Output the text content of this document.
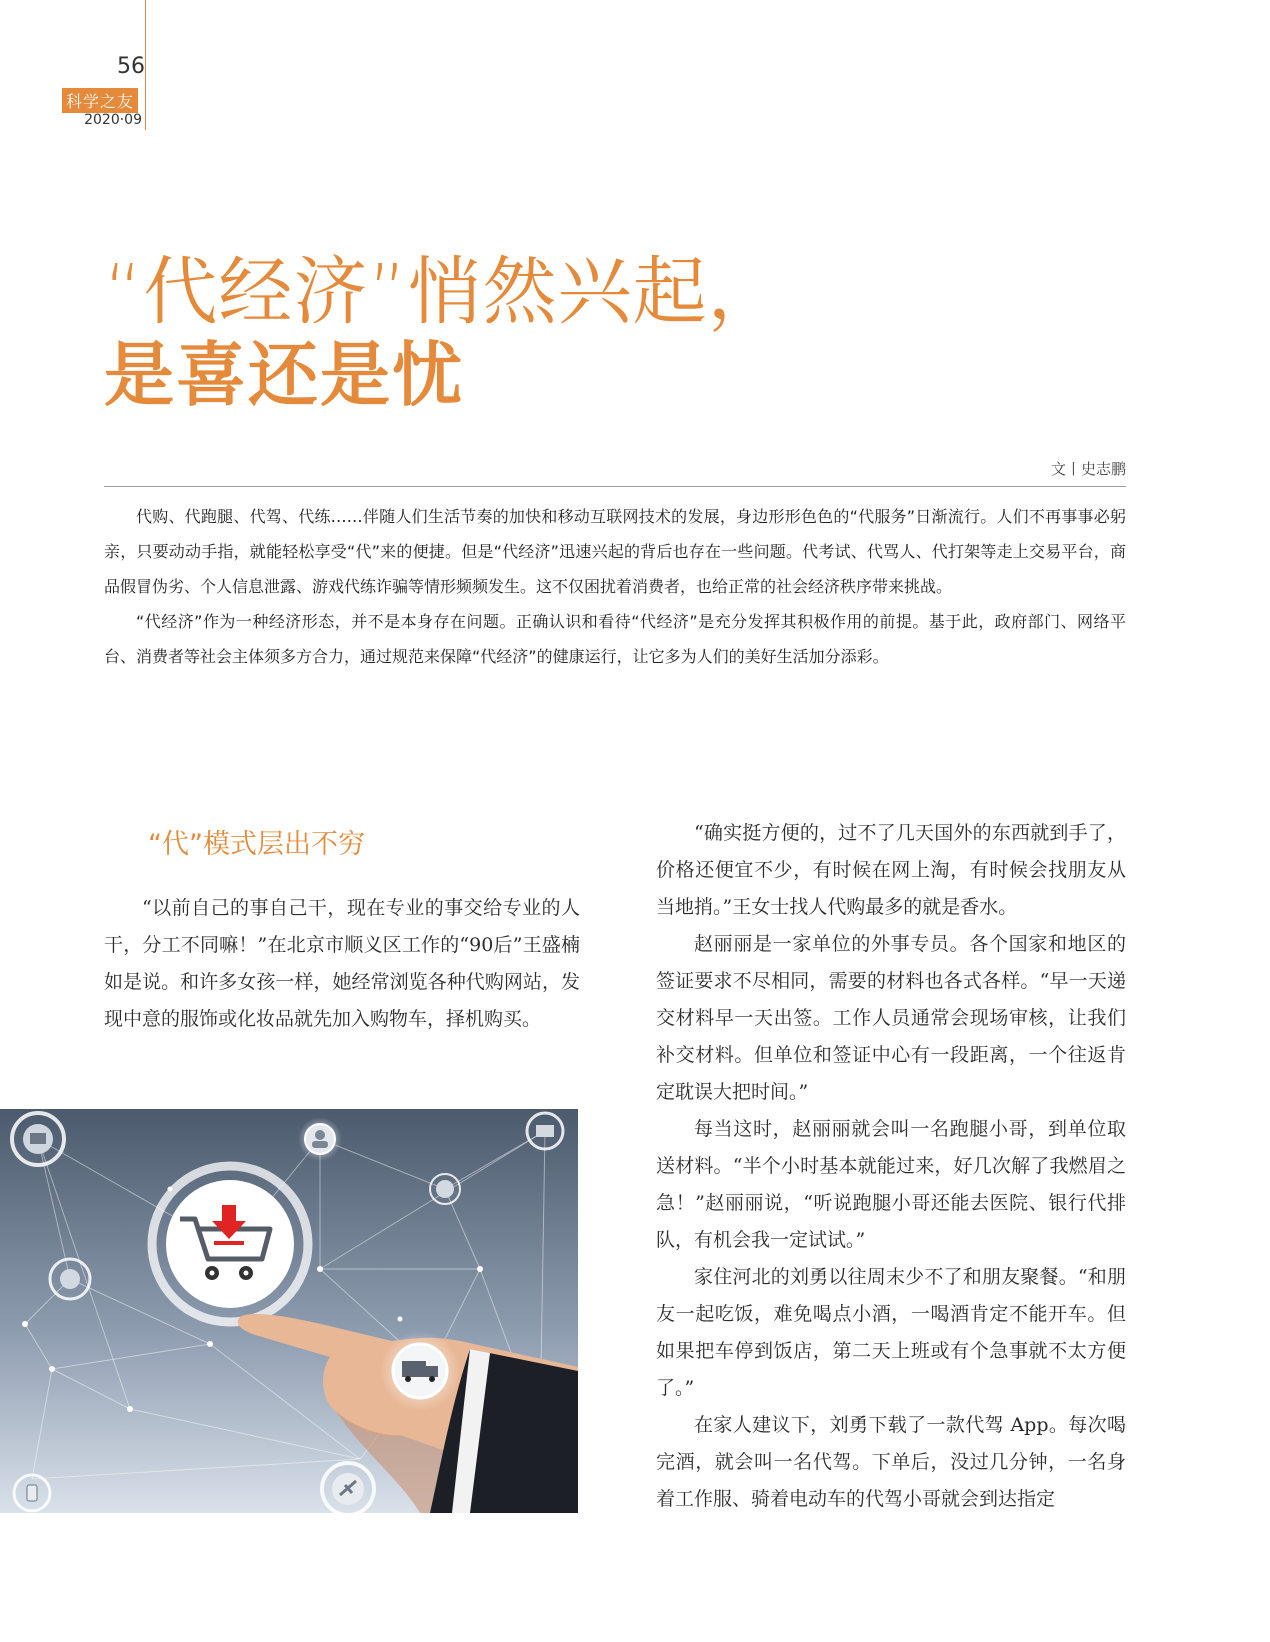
56
科学之友
2020·09
“代经济”悄然兴起，
是喜还是忧
文丨史志鹏

代购、代跑腿、代驾、代练……伴随人们生活节奏的加快和移动互联网技术的发展，身边形形色色的“代服务”日渐流行。人们不再事事必躬亲，只要动动手指，就能轻松享受“代”来的便捷。但是“代经济”迅速兴起的背后也存在一些问题。代考试、代骂人、代打架等走上交易平台，商品假冒伪劣、个人信息泄露、游戏代练诈骗等情形频频发生。这不仅困扰着消费者，也给正常的社会经济秩序带来挑战。

“代经济”作为一种经济形态，并不是本身存在问题。正确认识和看待“代经济”是充分发挥其积极作用的前提。基于此，政府部门、网络平台、消费者等社会主体须多方合力，通过规范来保障“代经济”的健康运行，让它多为人们的美好生活加分添彩。

“代”模式层出不穷

“以前自己的事自己干，现在专业的事交给专业的人干，分工不同嘛！”在北京市顺义区工作的“90后”王盛楠如是说。和许多女孩一样，她经常浏览各种代购网站，发现中意的服饰或化妆品就先加入购物车，择机购买。

“确实挺方便的，过不了几天国外的东西就到手了，价格还便宜不少，有时候在网上淘，有时候会找朋友从当地捎。”王女士找人代购最多的就是香水。

赵丽丽是一家单位的外事专员。各个国家和地区的签证要求不尽相同，需要的材料也各式各样。“早一天递交材料早一天出签。工作人员通常会现场审核，让我们补交材料。但单位和签证中心有一段距离，一个往返肯定耽误大把时间。”

每当这时，赵丽丽就会叫一名跑腿小哥，到单位取送材料。“半个小时基本就能过来，好几次解了我燃眉之急！”赵丽丽说，“听说跑腿小哥还能去医院、银行代排队，有机会我一定试试。”

家住河北的刘勇以往周末少不了和朋友聚餐。“和朋友一起吃饭，难免喝点小酒，一喝酒肯定不能开车。但如果把车停到饭店，第二天上班或有个急事就不太方便了。”

在家人建议下，刘勇下载了一款代驾 App。每次喝完酒，就会叫一名代驾。下单后，没过几分钟，一名身着工作服、骑着电动车的代驾小哥就会到达指定
